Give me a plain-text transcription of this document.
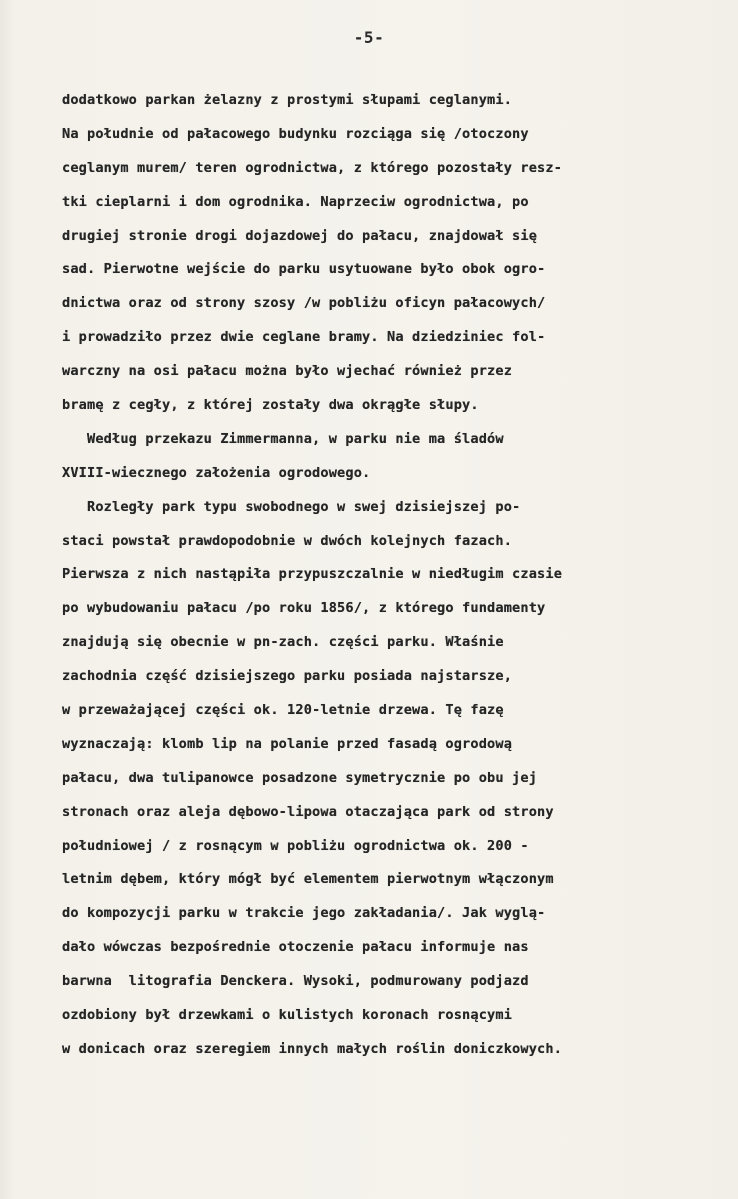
-5-
dodatkowo parkan żelazny z prostymi słupami ceglanymi.
Na południe od pałacowego budynku rozciąga się /otoczony
ceglanym murem/ teren ogrodnictwa, z którego pozostały resz-
tki cieplarni i dom ogrodnika. Naprzeciw ogrodnictwa, po
drugiej stronie drogi dojazdowej do pałacu, znajdował się
sad. Pierwotne wejście do parku usytuowane było obok ogro-
dnictwa oraz od strony szosy /w pobliżu oficyn pałacowych/
i prowadziło przez dwie ceglane bramy. Na dziedziniec fol-
warczny na osi pałacu można było wjechać również przez
bramę z cegły, z której zostały dwa okrągłe słupy.
Według przekazu Zimmermanna, w parku nie ma śladów
XVIII-wiecznego założenia ogrodowego.
Rozległy park typu swobodnego w swej dzisiejszej po-
staci powstał prawdopodobnie w dwóch kolejnych fazach.
Pierwsza z nich nastąpiła przypuszczalnie w niedługim czasie
po wybudowaniu pałacu /po roku 1856/, z którego fundamenty
znajdują się obecnie w pn-zach. części parku. Właśnie
zachodnia część dzisiejszego parku posiada najstarsze,
w przeważającej części ok. 120-letnie drzewa. Tę fazę
wyznaczają: klomb lip na polanie przed fasadą ogrodową
pałacu, dwa tulipanowce posadzone symetrycznie po obu jej
stronach oraz aleja dębowo-lipowa otaczająca park od strony
południowej / z rosnącym w pobliżu ogrodnictwa ok. 200 -
letnim dębem, który mógł być elementem pierwotnym włączonym
do kompozycji parku w trakcie jego zakładania/. Jak wyglą-
dało wówczas bezpośrednie otoczenie pałacu informuje nas
barwna  litografia Denckera. Wysoki, podmurowany podjazd
ozdobiony był drzewkami o kulistych koronach rosnącymi
w donicach oraz szeregiem innych małych roślin doniczkowych.
